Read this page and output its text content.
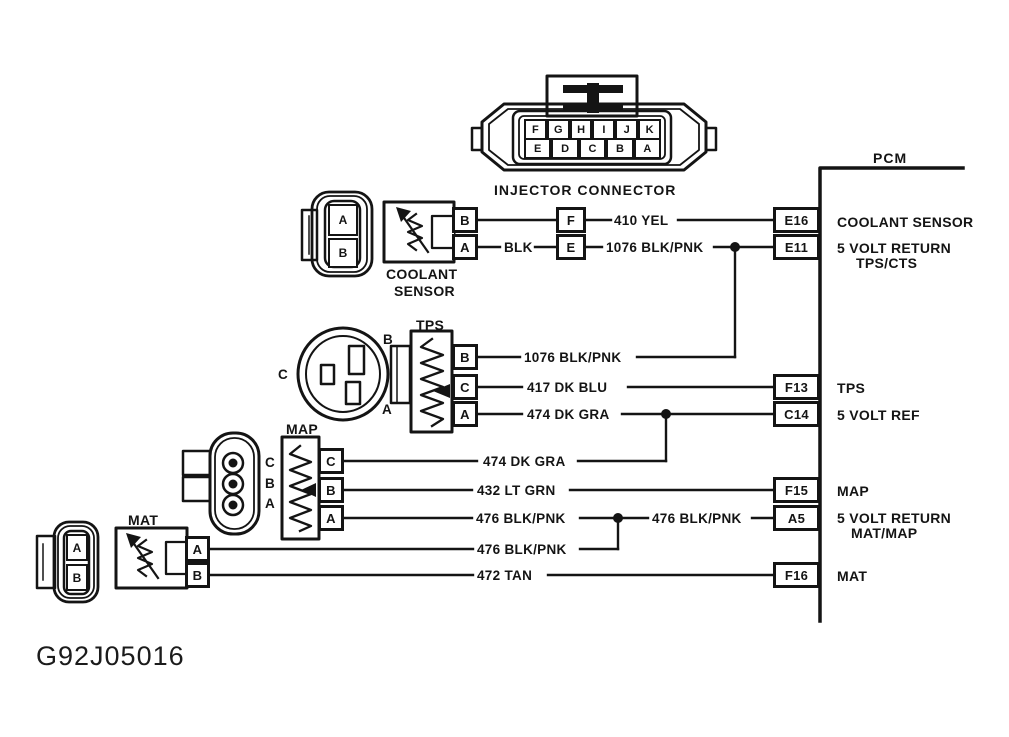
F	G	H	I	J	K
E	D	C	B	A
INJECTOR CONNECTOR
PCM
A
B
B
A
F
E
COOLANT
SENSOR
410 YEL
BLK	1076 BLK/PNK
TPS
B
C
A
B
C
A
1076 BLK/PNK
417 DK BLU
474 DK GRA
MAP
C
B
A
C
B
A
474 DK GRA
432 LT GRN
476 BLK/PNK	476 BLK/PNK
MAT
A
B
A
B
476 BLK/PNK
472 TAN
E16
E11
F13
C14
F15
A5
F16
COOLANT SENSOR
5 VOLT RETURN
TPS/CTS
TPS
5 VOLT REF
MAP
5 VOLT RETURN
MAT/MAP
MAT
G92J05016
